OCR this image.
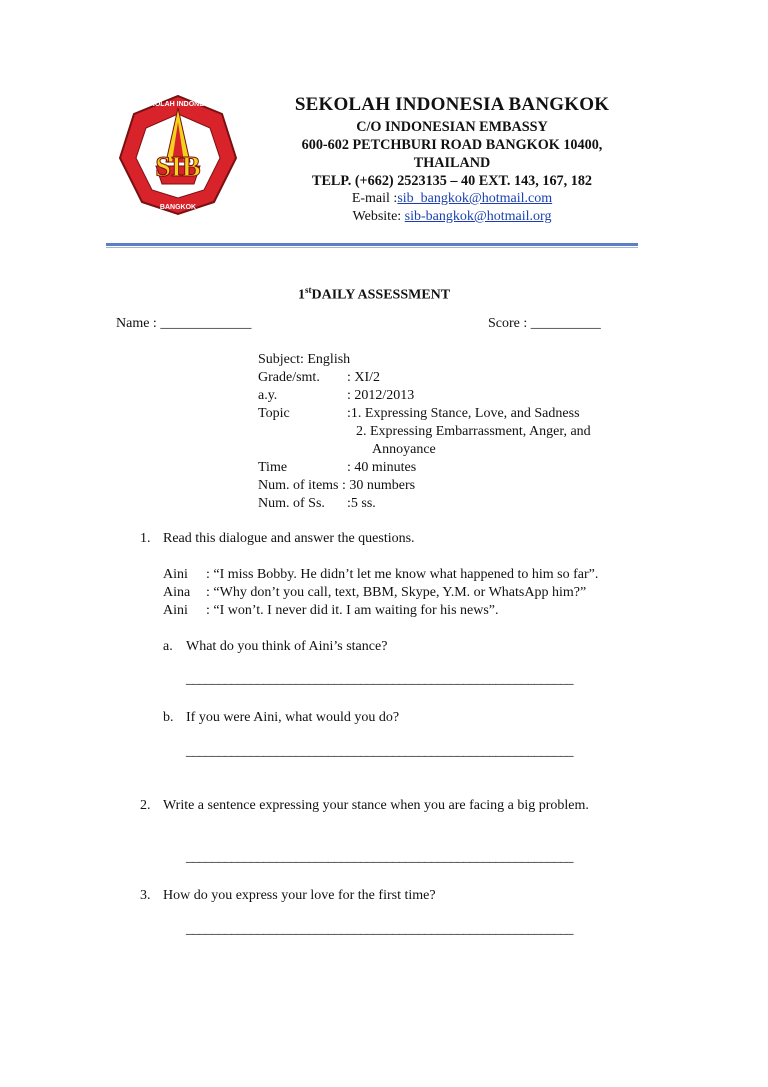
SIB
SEKOLAH INDONESIA
BANGKOK
SEKOLAH INDONESIA BANGKOK
C/O INDONESIAN EMBASSY
600-602 PETCHBURI ROAD BANGKOK 10400,
THAILAND
TELP. (+662) 2523135 – 40 EXT. 143, 167, 182
E-mail :sib_bangkok@hotmail.com
Website: sib-bangkok@hotmail.org
1stDAILY ASSESSMENT
Name : _____________	Score : __________
Subject: English
Grade/smt. : XI/2
a.y.	: 2012/2013
Topic	:1. Expressing Stance, Love, and Sadness
2. Expressing Embarrassment, Anger, and
Annoyance
Time	: 40 minutes
Num. of items : 30 numbers
Num. of Ss. :5 ss.
1. Read this dialogue and answer the questions.
Aini : “I miss Bobby. He didn’t let me know what happened to him so far”.
Aina : “Why don’t you call, text, BBM, Skype, Y.M. or WhatsApp him?”
Aini : “I won’t. I never did it. I am waiting for his news”.
a. What do you think of Aini’s stance?
____________________________________________________________
b. If you were Aini, what would you do?
____________________________________________________________
2. Write a sentence expressing your stance when you are facing a big problem.
____________________________________________________________
3. How do you express your love for the first time?
____________________________________________________________
